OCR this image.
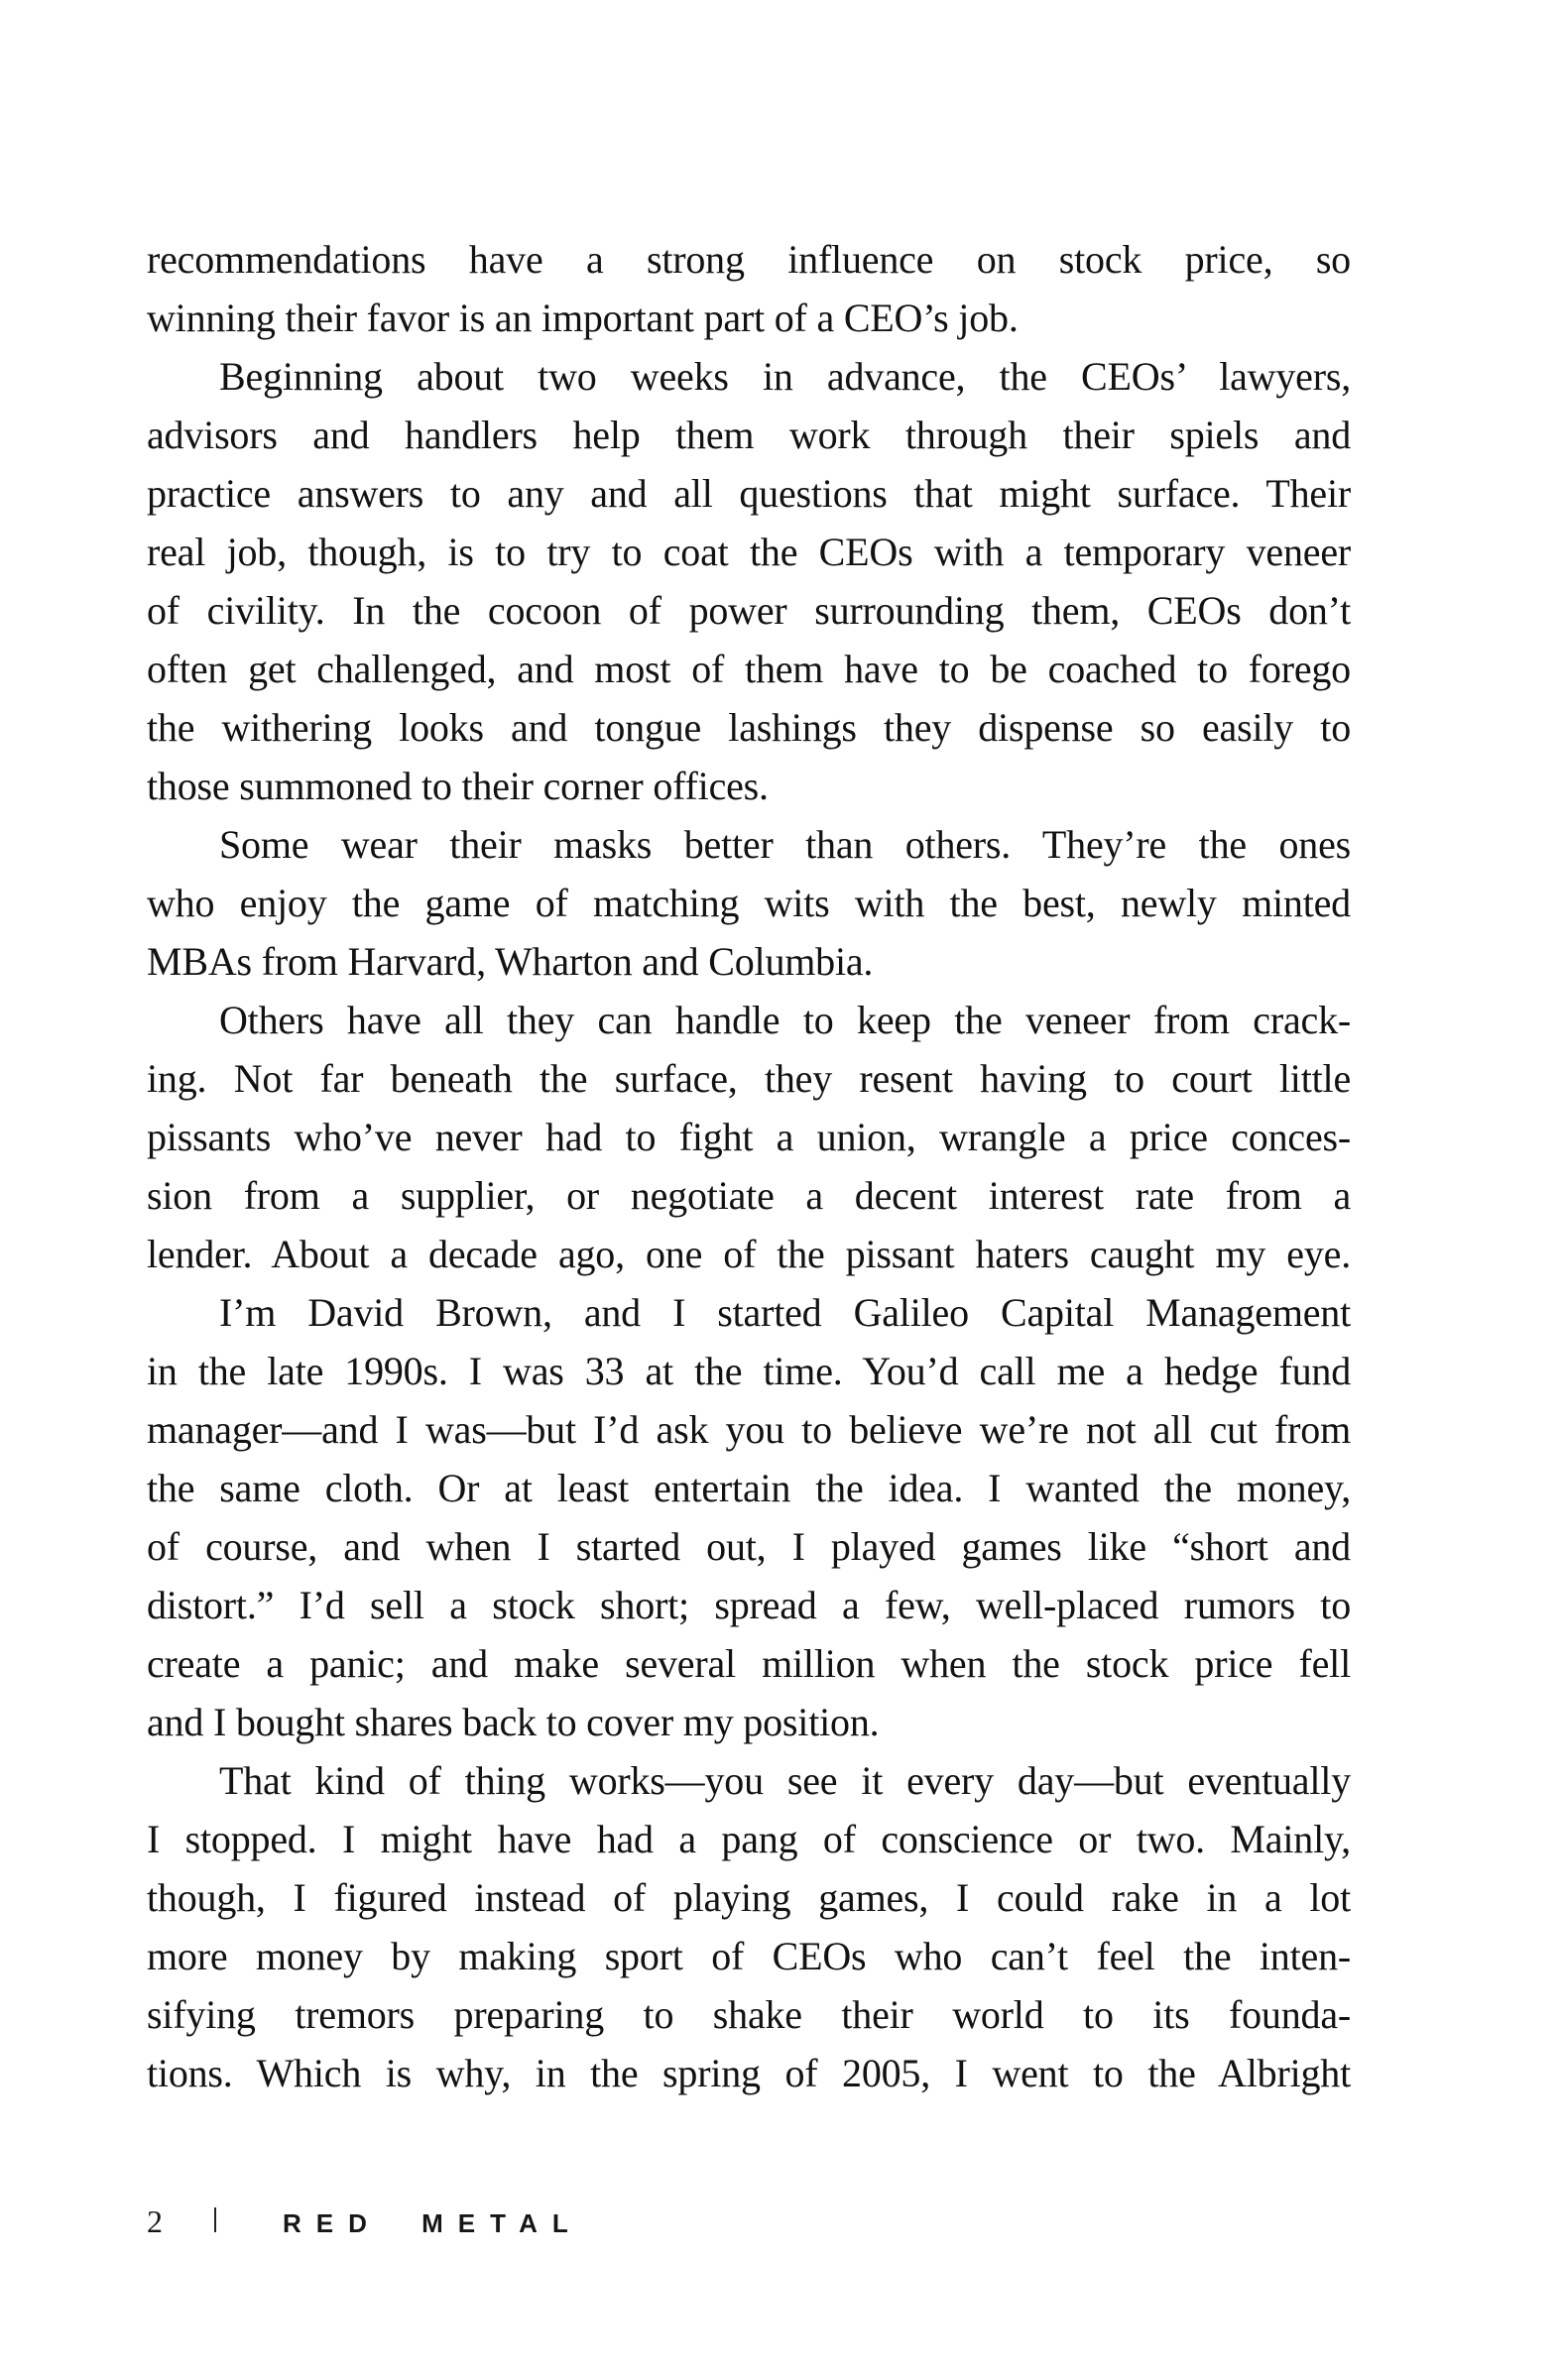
recommendations have a strong influence on stock price, so
winning their favor is an important part of a CEO’s job.
Beginning about two weeks in advance, the CEOs’ lawyers,
advisors and handlers help them work through their spiels and
practice answers to any and all questions that might surface. Their
real job, though, is to try to coat the CEOs with a temporary veneer
of civility. In the cocoon of power surrounding them, CEOs don’t
often get challenged, and most of them have to be coached to forego
the withering looks and tongue lashings they dispense so easily to
those summoned to their corner offices.
Some wear their masks better than others. They’re the ones
who enjoy the game of matching wits with the best, newly minted
MBAs from Harvard, Wharton and Columbia.
Others have all they can handle to keep the veneer from crack-
ing. Not far beneath the surface, they resent having to court little
pissants who’ve never had to fight a union, wrangle a price conces-
sion from a supplier, or negotiate a decent interest rate from a
lender. About a decade ago, one of the pissant haters caught my eye.
I’m David Brown, and I started Galileo Capital Management
in the late 1990s. I was 33 at the time. You’d call me a hedge fund
manager—and I was—but I’d ask you to believe we’re not all cut from
the same cloth. Or at least entertain the idea. I wanted the money,
of course, and when I started out, I played games like “short and
distort.” I’d sell a stock short; spread a few, well-placed rumors to
create a panic; and make several million when the stock price fell
and I bought shares back to cover my position.
That kind of thing works—you see it every day—but eventually
I stopped. I might have had a pang of conscience or two. Mainly,
though, I figured instead of playing games, I could rake in a lot
more money by making sport of CEOs who can’t feel the inten-
sifying tremors preparing to shake their world to its founda-
tions. Which is why, in the spring of 2005, I went to the Albright
2	RED METAL
